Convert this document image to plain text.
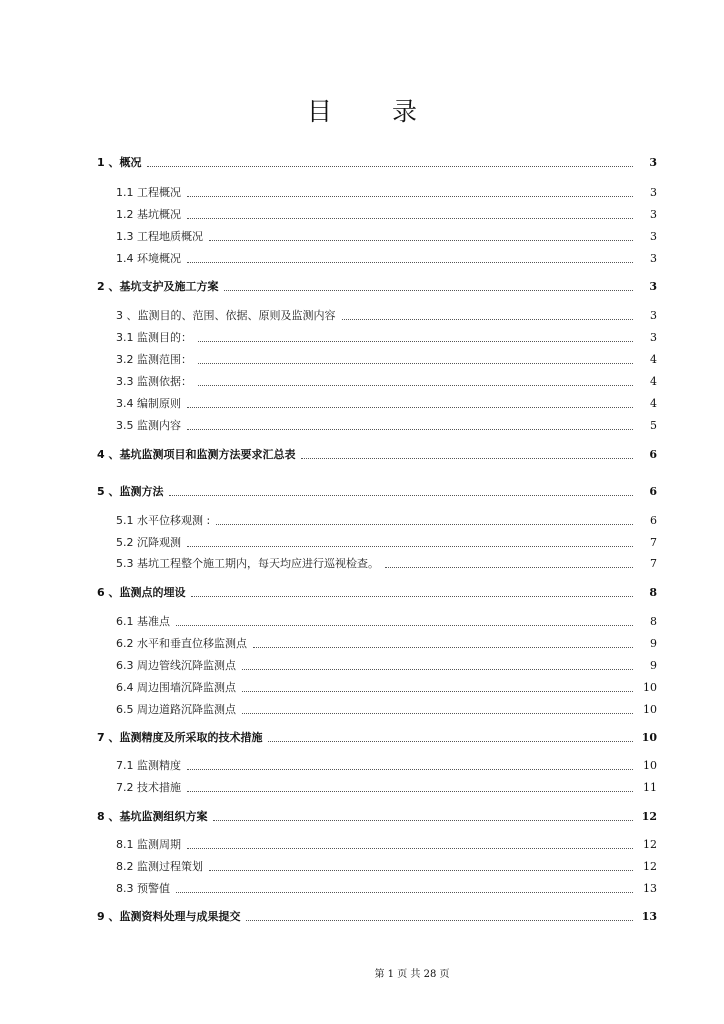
目 录
1 、概况	3
1.1 工程概况	3
1.2 基坑概况	3
1.3 工程地质概况	3
1.4 环境概况	3
2 、基坑支护及施工方案	3
3 、监测目的、范围、依据、原则及监测内容	3
3.1 监测目的：	3
3.2 监测范围：	4
3.3 监测依据：	4
3.4 编制原则	4
3.5 监测内容	5
4 、基坑监测项目和监测方法要求汇总表	6
5 、监测方法	6
5.1 水平位移观测 :	6
5.2 沉降观测	7
5.3 基坑工程整个施工期内，每天均应进行巡视检查。	7
6 、监测点的埋设	8
6.1 基准点	8
6.2 水平和垂直位移监测点	9
6.3 周边管线沉降监测点	9
6.4 周边围墙沉降监测点	10
6.5 周边道路沉降监测点	10
7 、监测精度及所采取的技术措施	10
7.1 监测精度	10
7.2 技术措施	11
8 、基坑监测组织方案	12
8.1 监测周期	12
8.2 监测过程策划	12
8.3 预警值	13
9 、监测资料处理与成果提交	13
第 1 页 共 28 页
